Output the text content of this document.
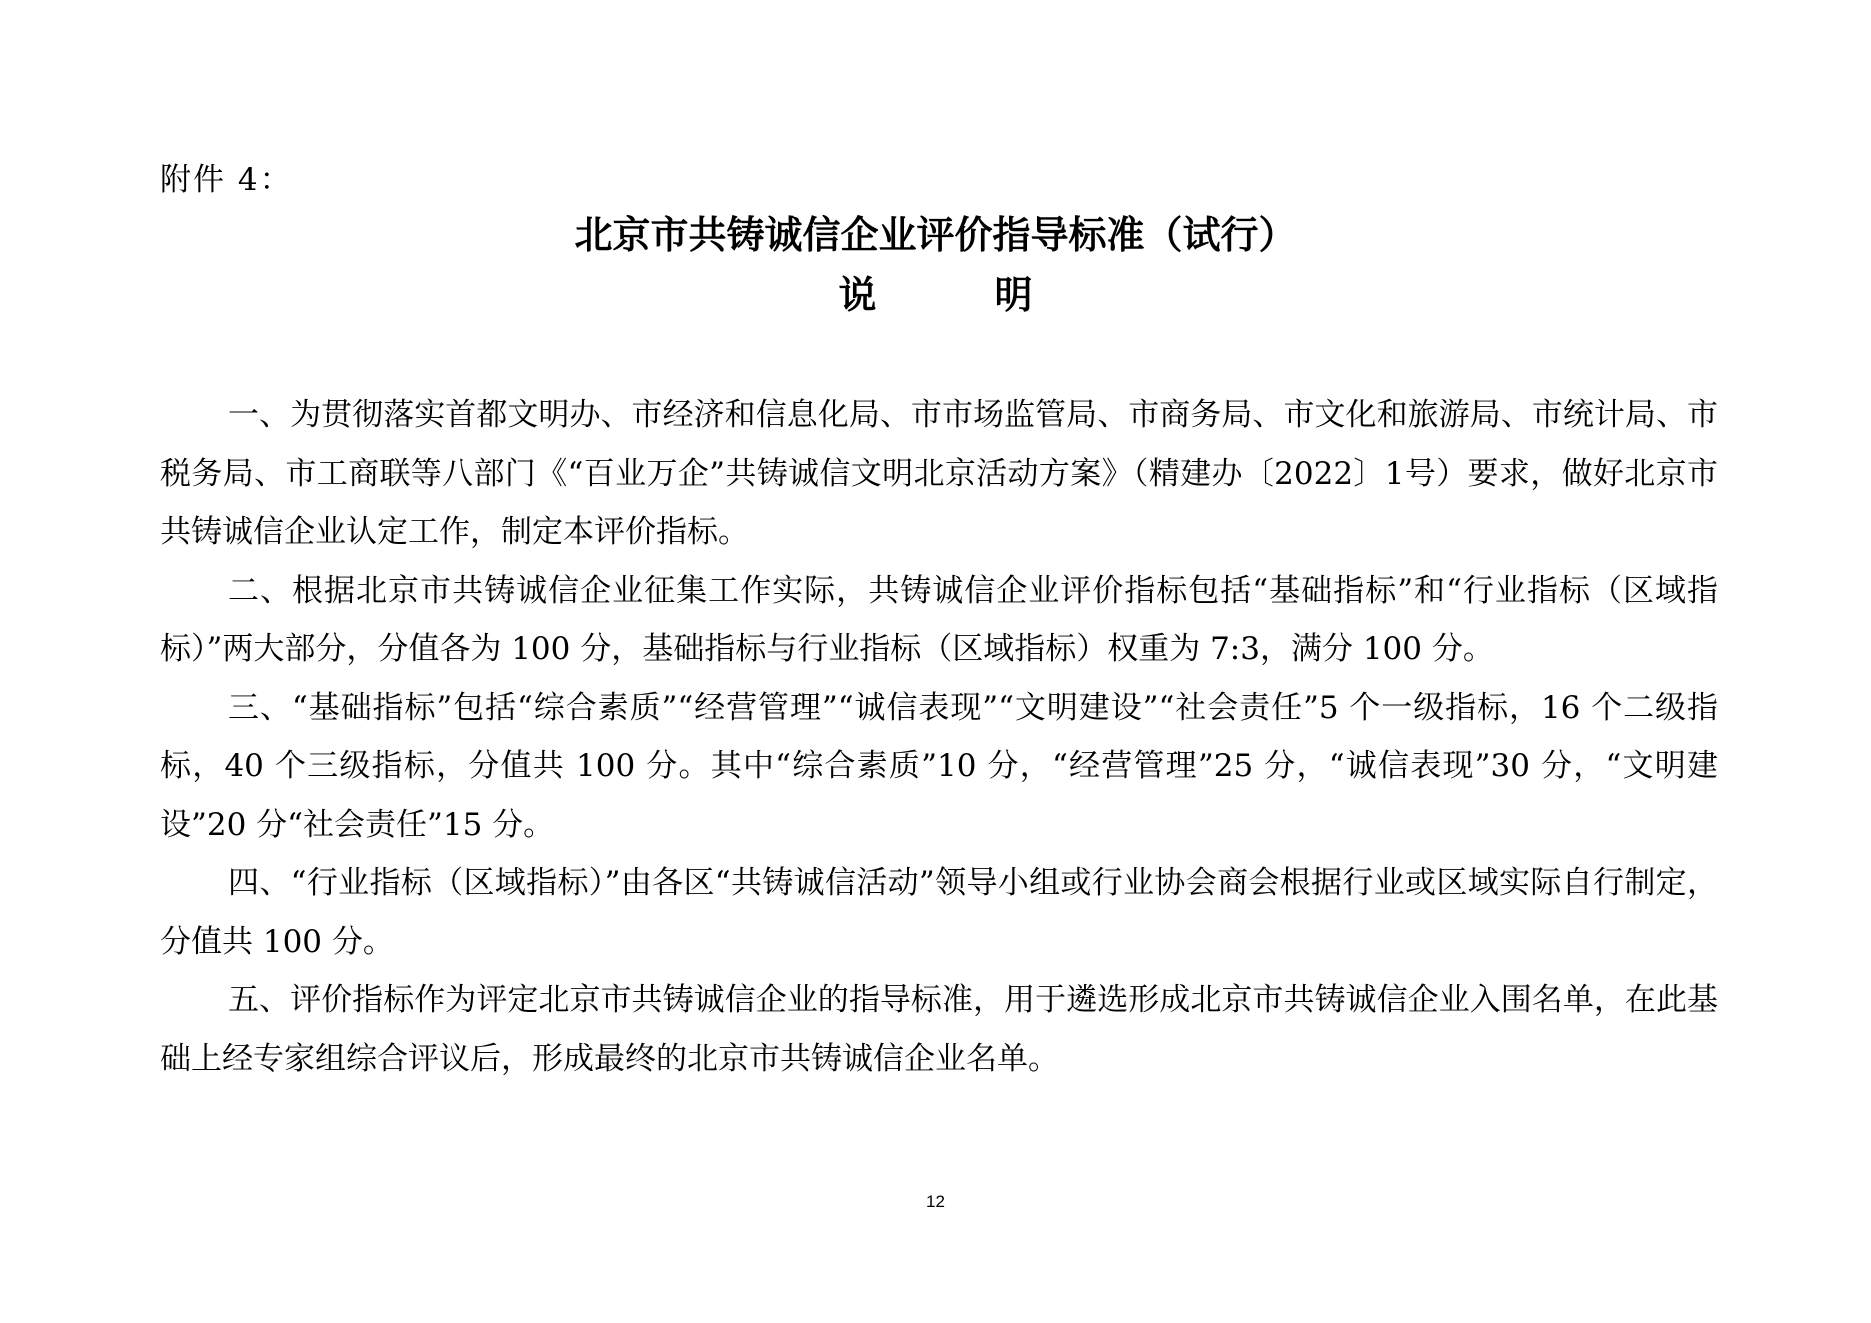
附件 4：
北京市共铸诚信企业评价指导标准（试行）
说明

一、为贯彻落实首都文明办、市经济和信息化局、市市场监管局、市商务局、市文化和旅游局、市统计局、市税务局、市工商联等八部门《“百业万企”共铸诚信文明北京活动方案》（精建办〔2022〕1号）要求，做好北京市共铸诚信企业认定工作，制定本评价指标。

二、根据北京市共铸诚信企业征集工作实际，共铸诚信企业评价指标包括“基础指标”和“行业指标（区域指标）”两大部分，分值各为 100 分，基础指标与行业指标（区域指标）权重为 7:3，满分 100 分。

三、“基础指标”包括“综合素质”“经营管理”“诚信表现”“文明建设”“社会责任”5 个一级指标，16 个二级指标，40 个三级指标，分值共 100 分。其中“综合素质”10 分，“经营管理”25 分，“诚信表现”30 分，“文明建设”20 分“社会责任”15 分。

四、“行业指标（区域指标）”由各区“共铸诚信活动”领导小组或行业协会商会根据行业或区域实际自行制定，分值共 100 分。

五、评价指标作为评定北京市共铸诚信企业的指导标准，用于遴选形成北京市共铸诚信企业入围名单，在此基础上经专家组综合评议后，形成最终的北京市共铸诚信企业名单。

12
